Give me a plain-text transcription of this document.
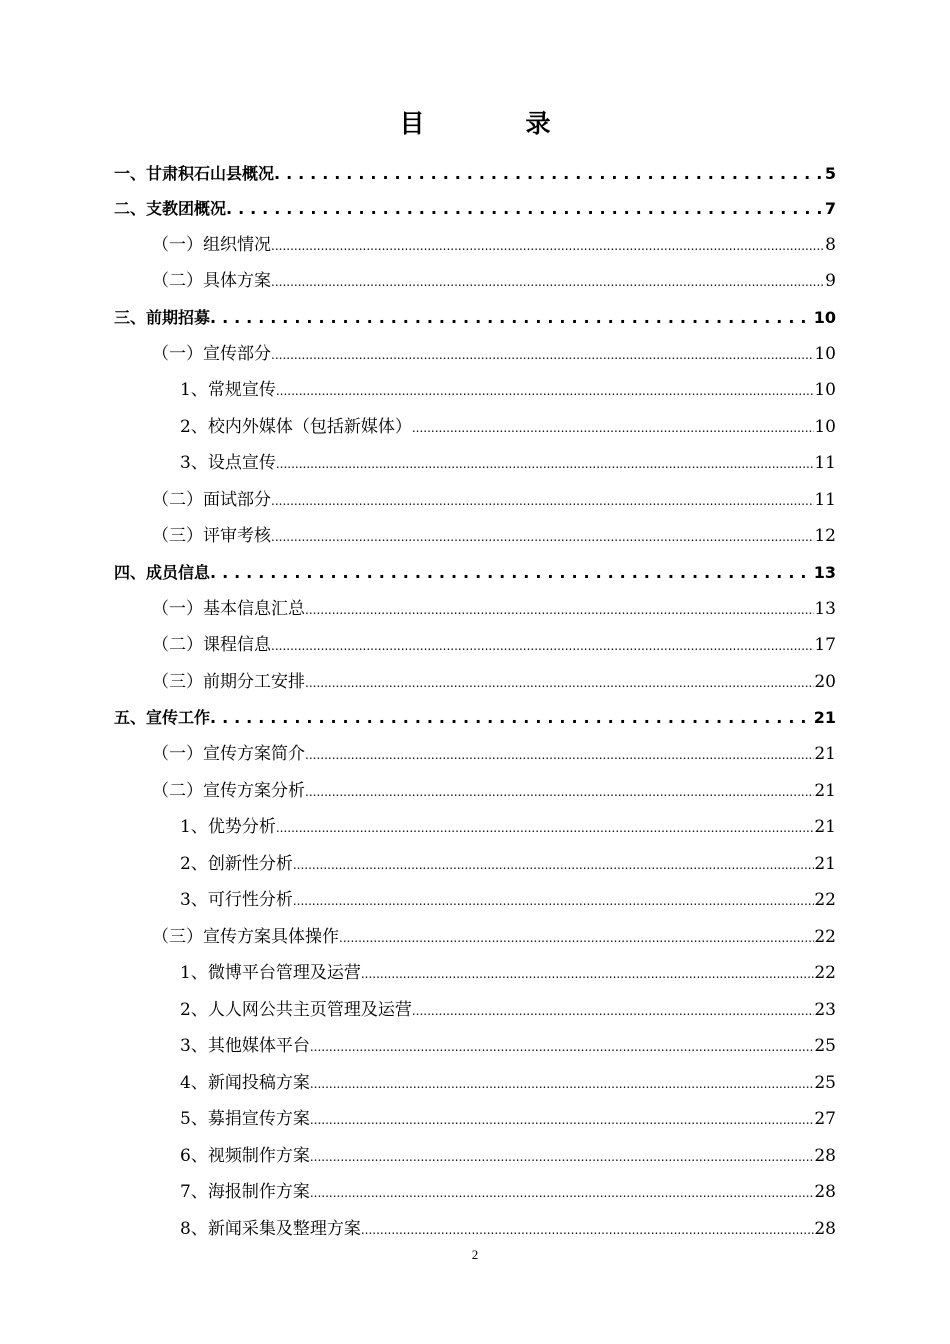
目　录
一、甘肃积石山县概况 . . .	5
二、支教团概况 . . .	7
（一）组织情况 .....	8
（二）具体方案 .....	9
三、前期招募 . . .	10
（一）宣传部分 .....	10
1、常规宣传 .....	10
2、校内外媒体（包括新媒体） .....	10
3、设点宣传 .....	11
（二）面试部分 .....	11
（三）评审考核 .....	12
四、成员信息 . . .	13
（一）基本信息汇总 .....	13
（二）课程信息 .....	17
（三）前期分工安排 .....	20
五、宣传工作 . . .	21
（一）宣传方案简介 .....	21
（二）宣传方案分析 .....	21
1、优势分析 .....	21
2、创新性分析 .....	21
3、可行性分析 .....	22
（三）宣传方案具体操作 .....	22
1、微博平台管理及运营 .....	22
2、人人网公共主页管理及运营 .....	23
3、其他媒体平台 .....	25
4、新闻投稿方案 .....	25
5、募捐宣传方案 .....	27
6、视频制作方案 .....	28
7、海报制作方案 .....	28
8、新闻采集及整理方案 .....	28
2
